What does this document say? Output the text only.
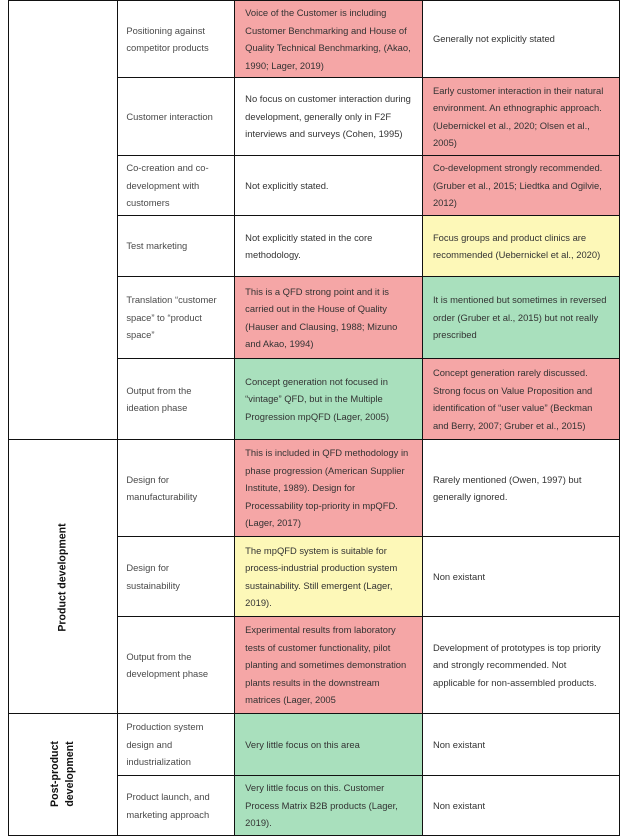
	Positioning against competitor products	Voice of the Customer is including Customer Benchmarking and House of Quality Technical Benchmarking, (Akao, 1990; Lager, 2019)	Generally not explicitly stated
	Customer interaction	No focus on customer interaction during development, generally only in F2F interviews and surveys (Cohen, 1995)	Early customer interaction in their natural environment. An ethnographic approach. (Uebernickel et al., 2020; Olsen et al., 2005)
	Co-creation and co-development with customers	Not explicitly stated.	Co-development strongly recommended. (Gruber et al., 2015; Liedtka and Ogilvie, 2012)
	Test marketing	Not explicitly stated in the core methodology.	Focus groups and product clinics are recommended (Uebernickel et al., 2020)
	Translation “customer space” to “product space”	This is a QFD strong point and it is carried out in the House of Quality (Hauser and Clausing, 1988; Mizuno and Akao, 1994)	It is mentioned but sometimes in reversed order (Gruber et al., 2015) but not really prescribed
	Output from the ideation phase	Concept generation not focused in “vintage” QFD, but in the Multiple Progression mpQFD (Lager, 2005)	Concept generation rarely discussed. Strong focus on Value Proposition and identification of “user value” (Beckman and Berry, 2007; Gruber et al., 2015)
Product development	Design for manufacturability	This is included in QFD methodology in phase progression (American Supplier Institute, 1989). Design for Processability top-priority in mpQFD. (Lager, 2017)	Rarely mentioned (Owen, 1997) but generally ignored.
	Design for sustainability	The mpQFD system is suitable for process-industrial production system sustainability. Still emergent (Lager, 2019).	Non existant
	Output from the development phase	Experimental results from laboratory tests of customer functionality, pilot planting and sometimes demonstration plants results in the downstream matrices (Lager, 2005	Development of prototypes is top priority and strongly recommended. Not applicable for non-assembled products.
Post-product development	Production system design and industrialization	Very little focus on this area	Non existant
	Product launch, and marketing approach	Very little focus on this. Customer Process Matrix B2B products (Lager, 2019).	Non existant
